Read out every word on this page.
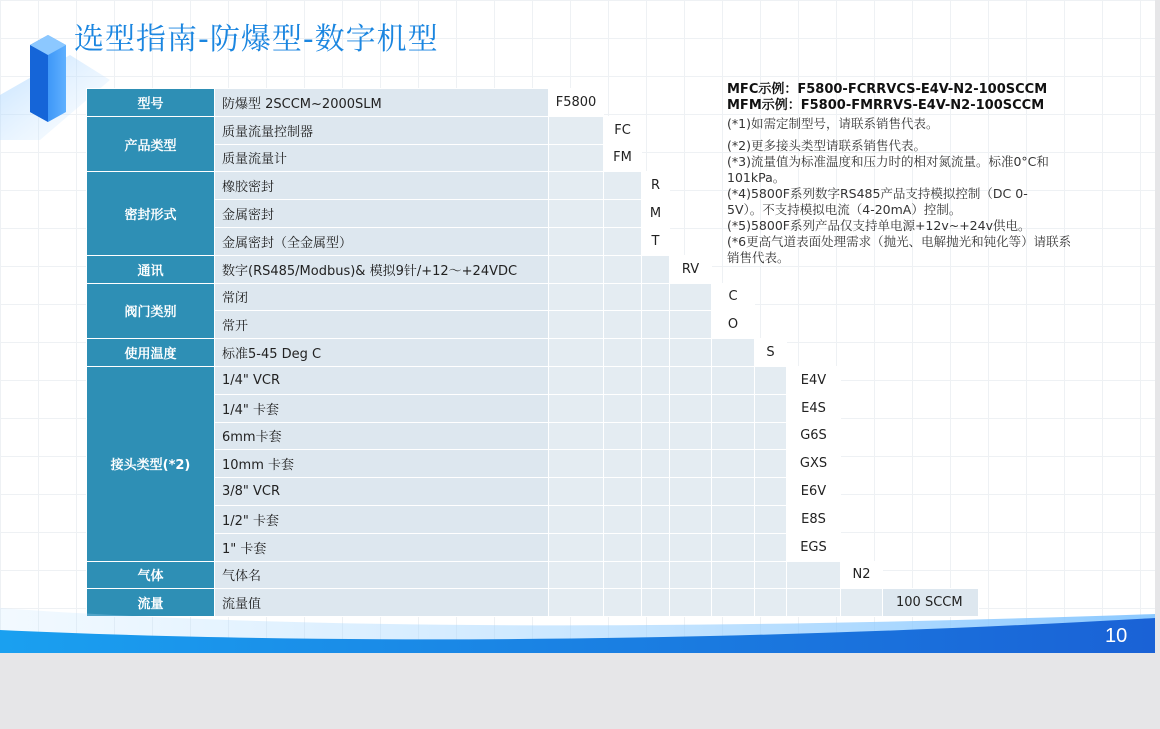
选型指南-防爆型-数字机型
型号	防爆型 2SCCM~2000SLM	F5800								
产品类型	质量流量控制器		FC							
	质量流量计		FM							
密封形式	橡胶密封			R						
	金属密封			M						
	金属密封（全金属型）			T						
通讯	数字(RS485/Modbus)& 模拟9针/+12～+24VDC				RV					
阀门类别	常闭					C				
	常开					O				
使用温度	标准5-45 Deg C						S			
接头类型(*2)	1/4" VCR							E4V		
	1/4" 卡套							E4S		
	6mm卡套							G6S		
	10mm 卡套							GXS		
	3/8" VCR							E6V		
	1/2" 卡套							E8S		
	1" 卡套							EGS		
气体	气体名								N2	
流量	流量值									100 SCCM
MFC示例：F5800-FCRRVCS-E4V-N2-100SCCM
MFM示例：F5800-FMRRVS-E4V-N2-100SCCM
(*1)如需定制型号，请联系销售代表。
(*2)更多接头类型请联系销售代表。
(*3)流量值为标准温度和压力时的相对氮流量。标准0°C和101kPa。
(*4)5800F系列数字RS485产品支持模拟控制（DC 0-5V）。不支持模拟电流（4-20mA）控制。
(*5)5800F系列产品仅支持单电源+12v~+24v供电。
(*6更高气道表面处理需求（抛光、电解抛光和钝化等）请联系销售代表。
10
